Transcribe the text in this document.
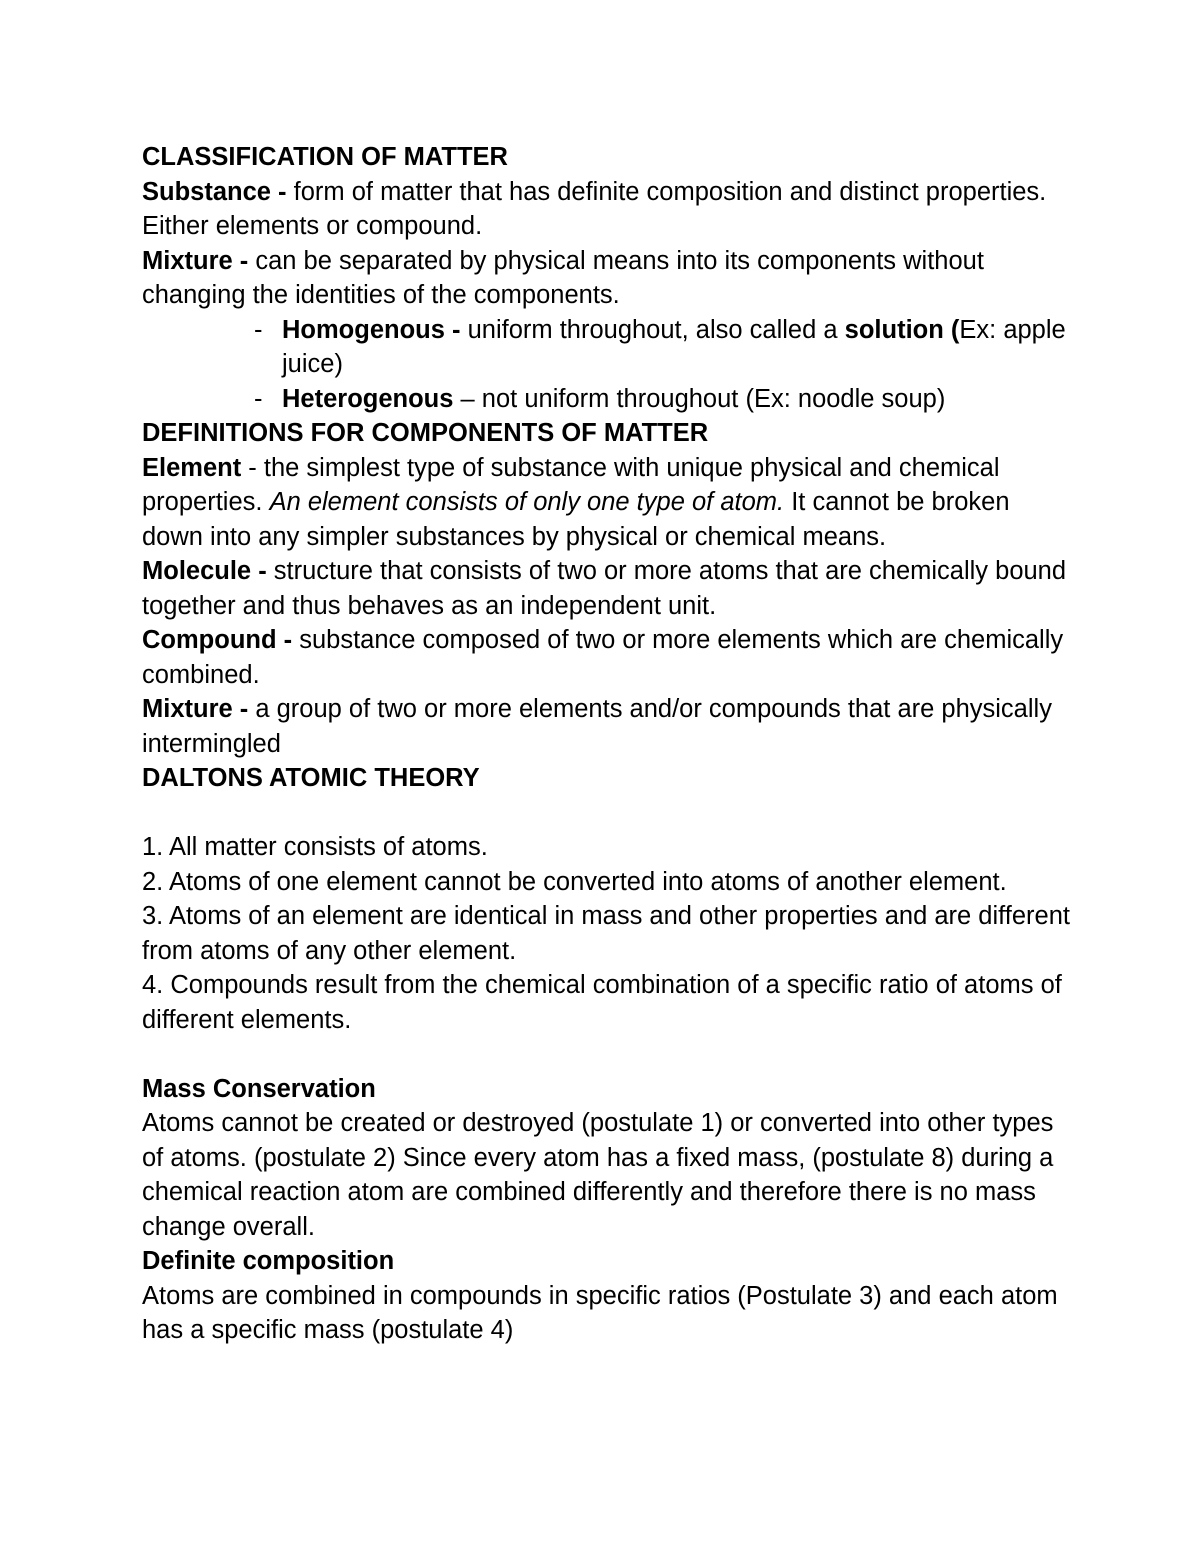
CLASSIFICATION OF MATTER

Substance - form of matter that has definite composition and distinct properties. Either elements or compound.

Mixture - can be separated by physical means into its components without changing the identities of the components.

- Homogenous - uniform throughout, also called a solution (Ex: apple juice)
- Heterogenous – not uniform throughout (Ex: noodle soup)

DEFINITIONS FOR COMPONENTS OF MATTER

Element - the simplest type of substance with unique physical and chemical properties. An element consists of only one type of atom. It cannot be broken down into any simpler substances by physical or chemical means.

Molecule - structure that consists of two or more atoms that are chemically bound together and thus behaves as an independent unit.

Compound - substance composed of two or more elements which are chemically combined.

Mixture - a group of two or more elements and/or compounds that are physically intermingled

DALTONS ATOMIC THEORY

1. All matter consists of atoms.

2. Atoms of one element cannot be converted into atoms of another element.

3. Atoms of an element are identical in mass and other properties and are different from atoms of any other element.

4. Compounds result from the chemical combination of a specific ratio of atoms of different elements.

Mass Conservation

Atoms cannot be created or destroyed (postulate 1) or converted into other types of atoms. (postulate 2) Since every atom has a fixed mass, (postulate 8) during a chemical reaction atom are combined differently and therefore there is no mass change overall.

Definite composition

Atoms are combined in compounds in specific ratios (Postulate 3) and each atom has a specific mass (postulate 4)
